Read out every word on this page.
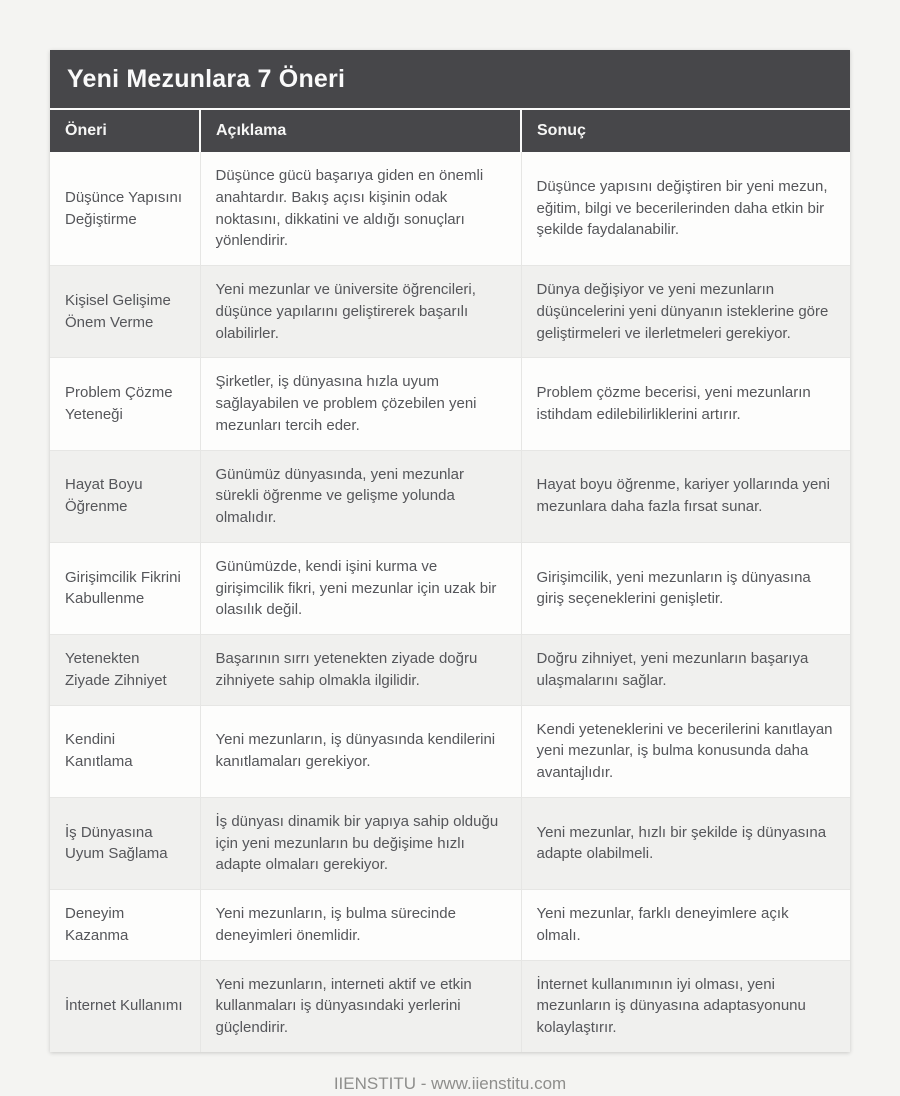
Yeni Mezunlara 7 Öneri
Öneri	Açıklama	Sonuç
Düşünce Yapısını Değiştirme	Düşünce gücü başarıya giden en önemli anahtardır. Bakış açısı kişinin odak noktasını, dikkatini ve aldığı sonuçları yönlendirir.	Düşünce yapısını değiştiren bir yeni mezun, eğitim, bilgi ve becerilerinden daha etkin bir şekilde faydalanabilir.
Kişisel Gelişime Önem Verme	Yeni mezunlar ve üniversite öğrencileri, düşünce yapılarını geliştirerek başarılı olabilirler.	Dünya değişiyor ve yeni mezunların düşüncelerini yeni dünyanın isteklerine göre geliştirmeleri ve ilerletmeleri gerekiyor.
Problem Çözme Yeteneği	Şirketler, iş dünyasına hızla uyum sağlayabilen ve problem çözebilen yeni mezunları tercih eder.	Problem çözme becerisi, yeni mezunların istihdam edilebilirliklerini artırır.
Hayat Boyu Öğrenme	Günümüz dünyasında, yeni mezunlar sürekli öğrenme ve gelişme yolunda olmalıdır.	Hayat boyu öğrenme, kariyer yollarında yeni mezunlara daha fazla fırsat sunar.
Girişimcilik Fikrini Kabullenme	Günümüzde, kendi işini kurma ve girişimcilik fikri, yeni mezunlar için uzak bir olasılık değil.	Girişimcilik, yeni mezunların iş dünyasına giriş seçeneklerini genişletir.
Yetenekten Ziyade Zihniyet	Başarının sırrı yetenekten ziyade doğru zihniyete sahip olmakla ilgilidir.	Doğru zihniyet, yeni mezunların başarıya ulaşmalarını sağlar.
Kendini Kanıtlama	Yeni mezunların, iş dünyasında kendilerini kanıtlamaları gerekiyor.	Kendi yeteneklerini ve becerilerini kanıtlayan yeni mezunlar, iş bulma konusunda daha avantajlıdır.
İş Dünyasına Uyum Sağlama	İş dünyası dinamik bir yapıya sahip olduğu için yeni mezunların bu değişime hızlı adapte olmaları gerekiyor.	Yeni mezunlar, hızlı bir şekilde iş dünyasına adapte olabilmeli.
Deneyim Kazanma	Yeni mezunların, iş bulma sürecinde deneyimleri önemlidir.	Yeni mezunlar, farklı deneyimlere açık olmalı.
İnternet Kullanımı	Yeni mezunların, interneti aktif ve etkin kullanmaları iş dünyasındaki yerlerini güçlendirir.	İnternet kullanımının iyi olması, yeni mezunların iş dünyasına adaptasyonunu kolaylaştırır.
IIENSTITU - www.iienstitu.com
